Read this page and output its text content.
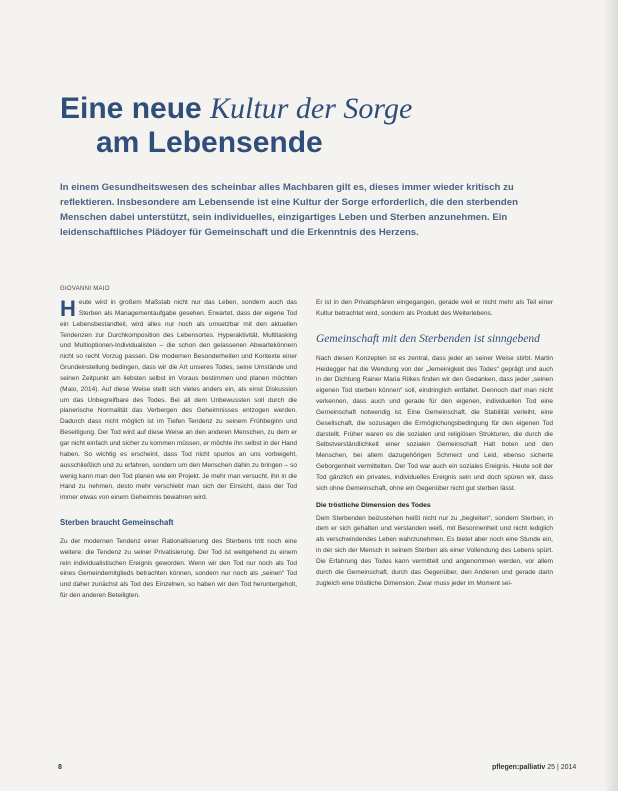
Eine neue Kultur der Sorge
am Lebensende

In einem Gesundheitswesen des scheinbar alles Machbaren gilt es, dieses immer wieder kritisch zu reflektieren. Insbesondere am Lebensende ist eine Kultur der Sorge erforderlich, die den sterbenden Menschen dabei unterstützt, sein individuelles, einzigartiges Leben und Sterben anzunehmen. Ein leidenschaftliches Plädoyer für Gemeinschaft und die Erkenntnis des Herzens.

GIOVANNI MAIO

Heute wird in großem Maßstab nicht nur das Leben, sondern auch das Sterben als Managementaufgabe gesehen. Erwartet, dass der eigene Tod ein Lebensbestandteil, wird alles nur noch als umsetzbar mit den aktuellen Tendenzen zur Durchkomposition des Lebensortes. Hyperaktivität, Multitasking und Multioptionen-Individualisten – die schon den gelassenen Abwartekönnern nicht so recht Vorzug passen. Die modernen Besonderheiten und Kontexte einer Grundeinstellung bedingen, dass wir die Art unseres Todes, seine Umstände und seinen Zeitpunkt am liebsten selbst im Voraus bestimmen und planen möchten (Maio, 2014). Auf diese Weise stellt sich vieles anders ein, als einst Diskussion um das Unbegreifbare des Todes. Bei all dem Unbewussten soll durch die planerische Normalität das Verbergen des Geheimnisses entzogen werden. Dadurch dass nicht möglich ist im Tiefen Tendenz zu seinem Frühbeginn und Beseitigung. Der Tod wird auf diese Weise an den anderen Menschen, zu dem er gar nicht einfach und sicher zu kommen müssen, er möchte ihn selbst in der Hand haben. So wichtig es erscheint, dass Tod nicht spurlos an uns vorbeigeht, ausschließlich und zu erfahren, sondern um den Menschen dahin zu bringen – so wenig kann man den Tod planen wie ein Projekt. Je mehr man versucht, ihn in die Hand zu nehmen, desto mehr verschiebt man sich der Einsicht, dass der Tod immer etwas von einem Geheimnis bewahren wird.

Sterben braucht Gemeinschaft

Zu der modernen Tendenz einer Rationalisierung des Sterbens tritt noch eine weitere: die Tendenz zu seiner Privatisierung. Der Tod ist weitgehend zu einem rein individualistischen Ereignis geworden. Wenn wir den Tod nur noch als Tod eines Gemeindemitglieds betrachten können, sondern nur noch als „seinen“ Tod und daher zunächst als Tod des Einzelnen, so haben wir den Tod heruntergeholt, für den anderen Beteiligten.

Er ist in den Privatsphären eingegangen, gerade weil er nicht mehr als Teil einer Kultur betrachtet wird, sondern als Produkt des Weiterlebens.

Gemeinschaft mit den Sterbenden ist sinngebend

Nach diesen Konzepten ist es zentral, dass jeder an seiner Weise stirbt. Martin Heidegger hat die Wendung von der „Jemeinigkeit des Todes“ geprägt und auch in der Dichtung Rainer Maria Rilkes finden wir den Gedanken, dass jeder „seinen eigenen Tod sterben können“ soll, eindringlich entfaltet. Dennoch darf man nicht verkennen, dass auch und gerade für den eigenen, individuellen Tod eine Gemeinschaft notwendig ist. Eine Gemeinschaft, die Stabilität verleiht, eine Gesellschaft, die sozusagen die Ermöglichungsbedingung für den eigenen Tod darstellt. Früher waren es die sozialen und religiösen Strukturen, die durch die Selbstverständlichkeit einer sozialen Gemeinschaft Halt boten und den Menschen, bei allem dazugehörigen Schmerz und Leid, ebenso sicherte Geborgenheit vermittelten. Der Tod war auch ein soziales Ereignis. Heute soll der Tod gänzlich ein privates, individuelles Ereignis sein und doch spüren wir, dass sich ohne Gemeinschaft, ohne ein Gegenüber nicht gut sterben lässt.

Die tröstliche Dimension des Todes

Dem Sterbenden beizustehen heißt nicht nur zu „begleiten“, sondern Sterben, in dem er sich gehalten und verstanden weiß, mit Besonnenheit und nicht lediglich als verschwindendes Leben wahrzunehmen. Es bietet aber noch eine Stunde ein, in der sich der Mensch in seinem Sterben als einer Vollendung des Lebens spürt. Die Erfahrung des Todes kann vermittelt und angenommen werden, vor allem durch die Gemeinschaft, durch das Gegenüber, den Anderen und gerade darin zugleich eine tröstliche Dimension. Zwar muss jeder im Moment sei-

8	pflegen:palliativ 25 | 2014
